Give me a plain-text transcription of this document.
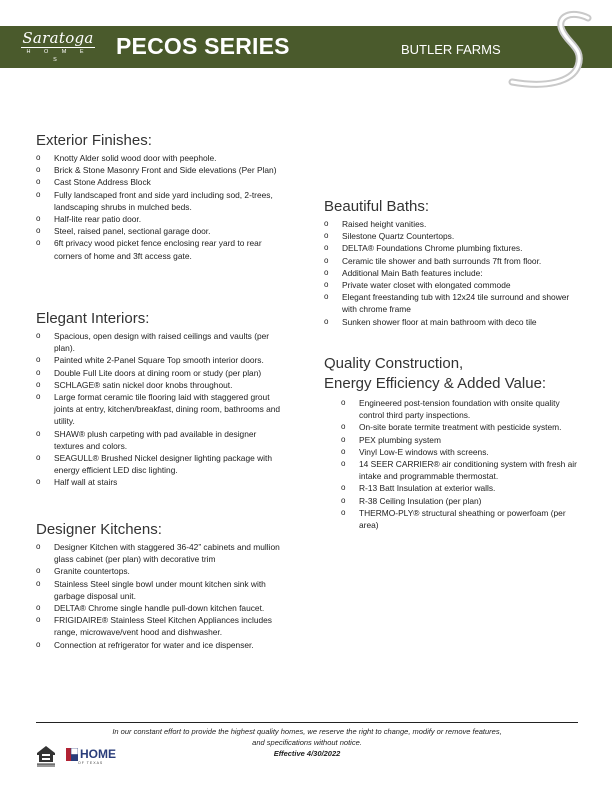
Saratoga
H O M E S
PECOS SERIES	BUTLER FARMS
Exterior Finishes:
o Knotty Alder solid wood door with peephole.
o Brick & Stone Masonry Front and Side elevations (Per Plan)
o Cast Stone Address Block
o Fully landscaped front and side yard including sod, 2-trees, landscaping shrubs in mulched beds.
o Half-lite rear patio door.
o Steel, raised panel, sectional garage door.
o 6ft privacy wood picket fence enclosing rear yard to rear corners of home and 3ft access gate.
Elegant Interiors:
o Spacious, open design with raised ceilings and vaults (per plan).
o Painted white 2-Panel Square Top smooth interior doors.
o Double Full Lite doors at dining room or study (per plan)
o SCHLAGE® satin nickel door knobs throughout.
o Large format ceramic tile flooring laid with staggered grout joints at entry, kitchen/breakfast, dining room, bathrooms and utility.
o SHAW® plush carpeting with pad available in designer textures and colors.
o SEAGULL® Brushed Nickel designer lighting package with energy efficient LED disc lighting.
o Half wall at stairs
Designer Kitchens:
o Designer Kitchen with staggered 36-42” cabinets and mullion glass cabinet (per plan) with decorative trim
o Granite countertops.
o Stainless Steel single bowl under mount kitchen sink with garbage disposal unit.
o DELTA® Chrome single handle pull-down kitchen faucet.
o FRIGIDAIRE® Stainless Steel Kitchen Appliances includes range, microwave/vent hood and dishwasher.
o Connection at refrigerator for water and ice dispenser.
Beautiful Baths:
o Raised height vanities.
o Silestone Quartz Countertops.
o DELTA® Foundations Chrome plumbing fixtures.
o Ceramic tile shower and bath surrounds 7ft from floor.
o Additional Main Bath features include:
o Private water closet with elongated commode
o Elegant freestanding tub with 12x24 tile surround and shower with chrome frame
o Sunken shower floor at main bathroom with deco tile
Quality Construction,
Energy Efficiency & Added Value:
o Engineered post-tension foundation with onsite quality control third party inspections.
o On-site borate termite treatment with pesticide system.
o PEX plumbing system
o Vinyl Low-E windows with screens.
o 14 SEER CARRIER® air conditioning system with fresh air intake and programmable thermostat.
o R-13 Batt Insulation at exterior walls.
o R-38 Ceiling Insulation (per plan)
o THERMO-PLY® structural sheathing or powerfoam (per area)
In our constant effort to provide the highest quality homes, we reserve the right to change, modify or remove features,
and specifications without notice.
Effective 4/30/2022
HOME
OF TEXAS
